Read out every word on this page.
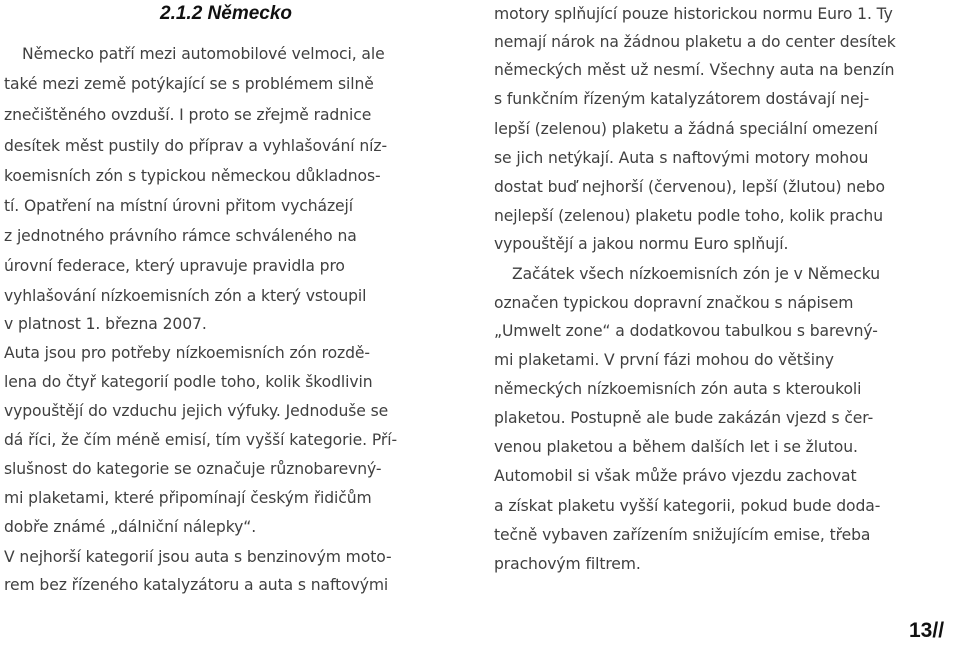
2.1.2 Německo
Německo patří mezi automobilové velmoci, ale
také mezi země potýkající se s problémem silně
znečištěného ovzduší. I proto se zřejmě radnice
desítek měst pustily do příprav a vyhlašování níz-
koemisních zón s typickou německou důkladnos-
tí. Opatření na místní úrovni přitom vycházejí
z jednotného právního rámce schváleného na
úrovní federace, který upravuje pravidla pro
vyhlašování nízkoemisních zón a který vstoupil
v platnost 1. března 2007.
Auta jsou pro potřeby nízkoemisních zón rozdě-
lena do čtyř kategorií podle toho, kolik škodlivin
vypouštějí do vzduchu jejich výfuky. Jednoduše se
dá říci, že čím méně emisí, tím vyšší kategorie. Pří-
slušnost do kategorie se označuje různobarevný-
mi plaketami, které připomínají českým řidičům
dobře známé „dálniční nálepky“.
V nejhorší kategorií jsou auta s benzinovým moto-
rem bez řízeného katalyzátoru a auta s naftovými
motory splňující pouze historickou normu Euro 1. Ty
nemají nárok na žádnou plaketu a do center desítek
německých měst už nesmí. Všechny auta na benzín
s funkčním řízeným katalyzátorem dostávají nej-
lepší (zelenou) plaketu a žádná speciální omezení
se jich netýkají. Auta s naftovými motory mohou
dostat buď nejhorší (červenou), lepší (žlutou) nebo
nejlepší (zelenou) plaketu podle toho, kolik prachu
vypouštějí a jakou normu Euro splňují.
Začátek všech nízkoemisních zón je v Německu
označen typickou dopravní značkou s nápisem
„Umwelt zone“ a dodatkovou tabulkou s barevný-
mi plaketami. V první fázi mohou do většiny
německých nízkoemisních zón auta s kteroukoli
plaketou. Postupně ale bude zakázán vjezd s čer-
venou plaketou a během dalších let i se žlutou.
Automobil si však může právo vjezdu zachovat
a získat plaketu vyšší kategorii, pokud bude doda-
tečně vybaven zařízením snižujícím emise, třeba
prachovým filtrem.
13//
